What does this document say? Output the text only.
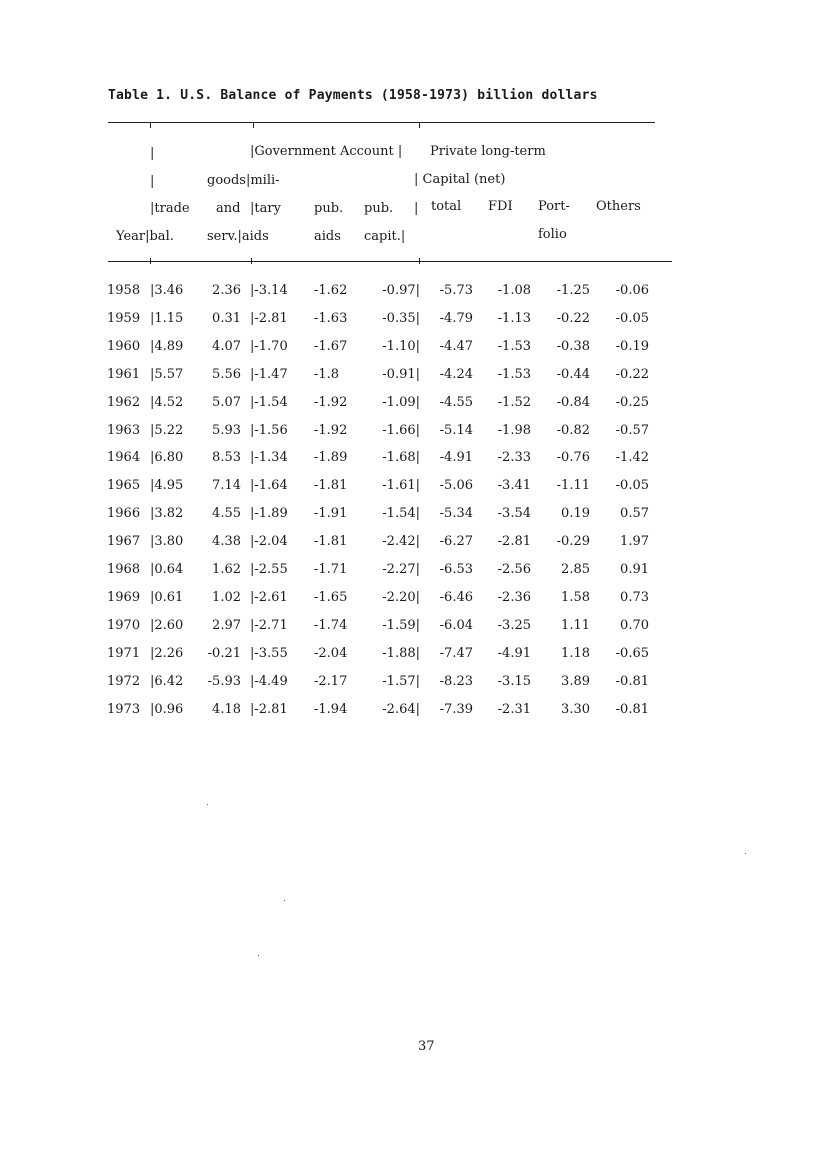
Table 1. U.S. Balance of Payments (1958-1973) billion dollars
|	|Government Account | Private long-term
|	goods|mili-	| Capital (net)
|trade and |tary	pub. pub. | total FDI Port- Others
Year|bal.	serv.|aids	aids capit.|	folio
1958 |3.46 2.36 |-3.14 -1.62	-0.97| -5.73 -1.08 -1.25 -0.06
1959 |1.15 0.31 |-2.81 -1.63	-0.35| -4.79 -1.13 -0.22 -0.05
1960 |4.89 4.07 |-1.70 -1.67	-1.10| -4.47 -1.53 -0.38 -0.19
1961 |5.57 5.56 |-1.47 -1.8	-0.91| -4.24 -1.53 -0.44 -0.22
1962 |4.52 5.07 |-1.54 -1.92	-1.09| -4.55 -1.52 -0.84 -0.25
1963 |5.22 5.93 |-1.56 -1.92	-1.66| -5.14 -1.98 -0.82 -0.57
1964 |6.80 8.53 |-1.34 -1.89	-1.68| -4.91 -2.33 -0.76 -1.42
1965 |4.95 7.14 |-1.64 -1.81	-1.61| -5.06 -3.41 -1.11 -0.05
1966 |3.82 4.55 |-1.89 -1.91	-1.54| -5.34 -3.54 0.19 0.57
1967 |3.80 4.38 |-2.04 -1.81	-2.42| -6.27 -2.81 -0.29 1.97
1968 |0.64 1.62 |-2.55 -1.71	-2.27| -6.53 -2.56 2.85 0.91
1969 |0.61 1.02 |-2.61 -1.65	-2.20| -6.46 -2.36 1.58 0.73
1970 |2.60 2.97 |-2.71 -1.74	-1.59| -6.04 -3.25 1.11 0.70
1971 |2.26 -0.21 |-3.55 -2.04	-1.88| -7.47 -4.91 1.18 -0.65
1972 |6.42 -5.93 |-4.49 -2.17	-1.57| -8.23 -3.15 3.89 -0.81
1973 |0.96 4.18 |-2.81 -1.94	-2.64| -7.39 -2.31 3.30 -0.81
37
